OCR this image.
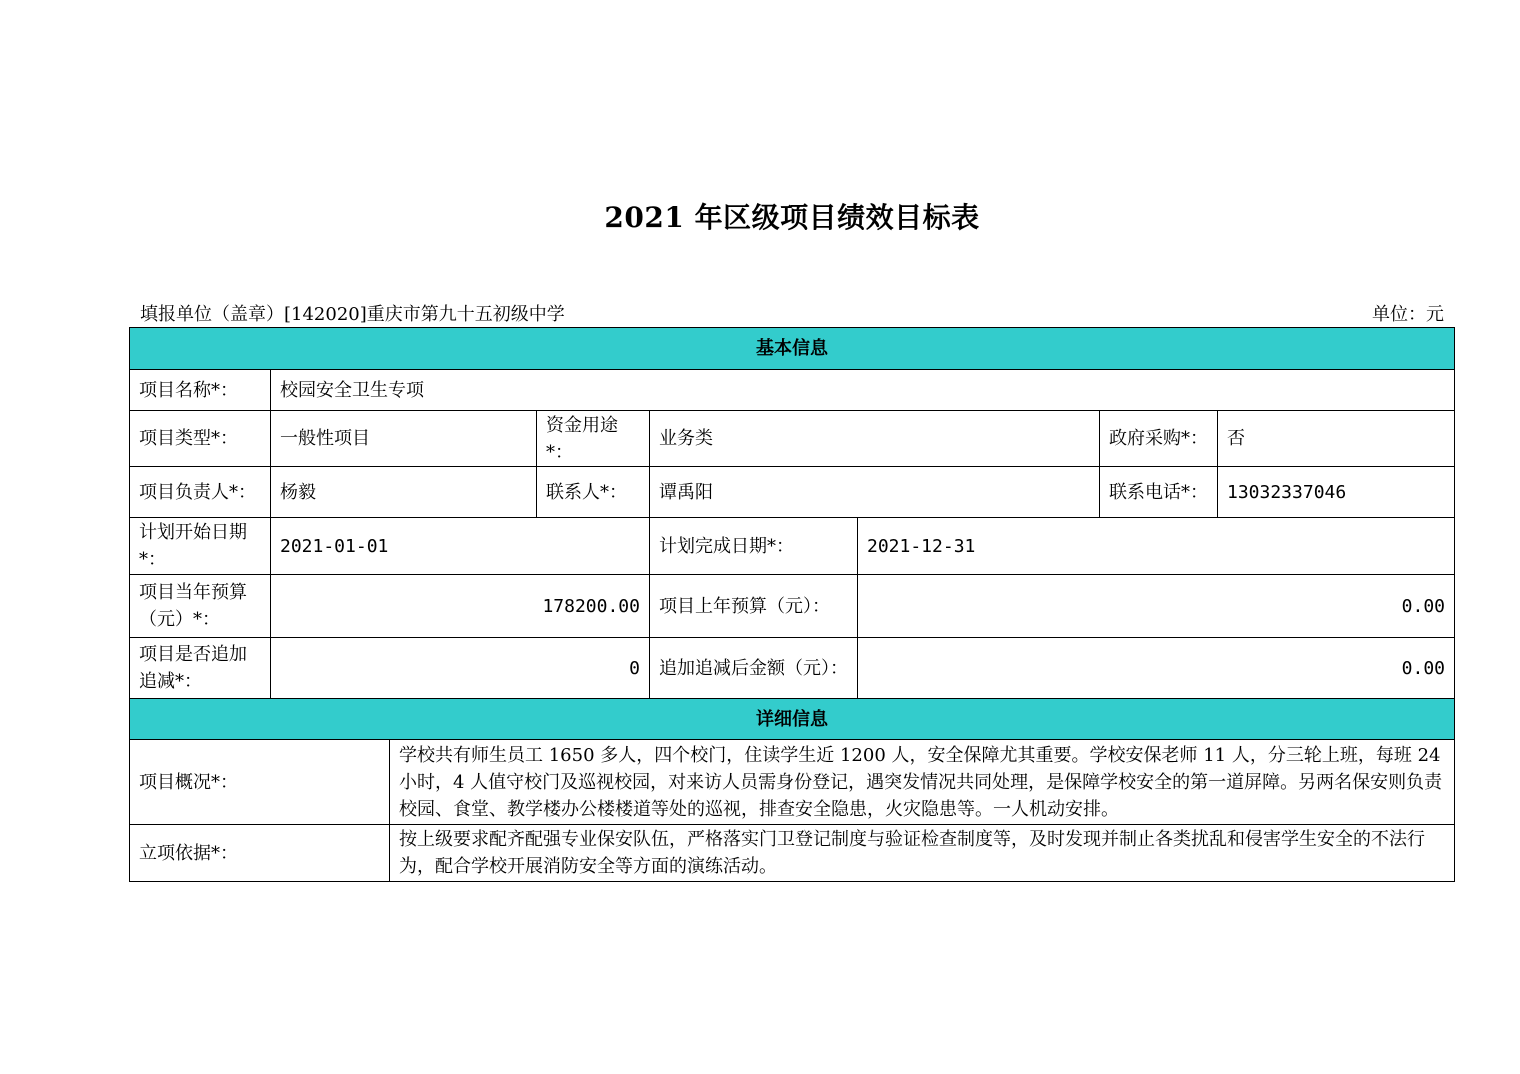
2021 年区级项目绩效目标表
填报单位（盖章）[142020]重庆市第九十五初级中学	单位：元
基本信息							
项目名称*：	校园安全卫生专项						
项目类型*：	一般性项目		资金用途*：	业务类		政府采购*：	否
项目负责人*：	杨毅		联系人*：	谭禹阳		联系电话*：	13032337046
计划开始日期*：	2021-01-01			计划完成日期*：	2021-12-31		
项目当年预算（元）*：	178200.00			项目上年预算（元）：	0.00		
项目是否追加追减*：	0			追加追减后金额（元）：	0.00		
详细信息							
项目概况*：		学校共有师生员工 1650 多人，四个校门，住读学生近 1200 人，安全保障尤其重要。学校安保老师 11 人，分三轮上班，每班 24 小时，4 人值守校门及巡视校园，对来访人员需身份登记，遇突发情况共同处理，是保障学校安全的第一道屏障。另两名保安则负责校园、食堂、教学楼办公楼楼道等处的巡视，排查安全隐患，火灾隐患等。一人机动安排。					
立项依据*：		按上级要求配齐配强专业保安队伍，严格落实门卫登记制度与验证检查制度等，及时发现并制止各类扰乱和侵害学生安全的不法行为，配合学校开展消防安全等方面的演练活动。					
